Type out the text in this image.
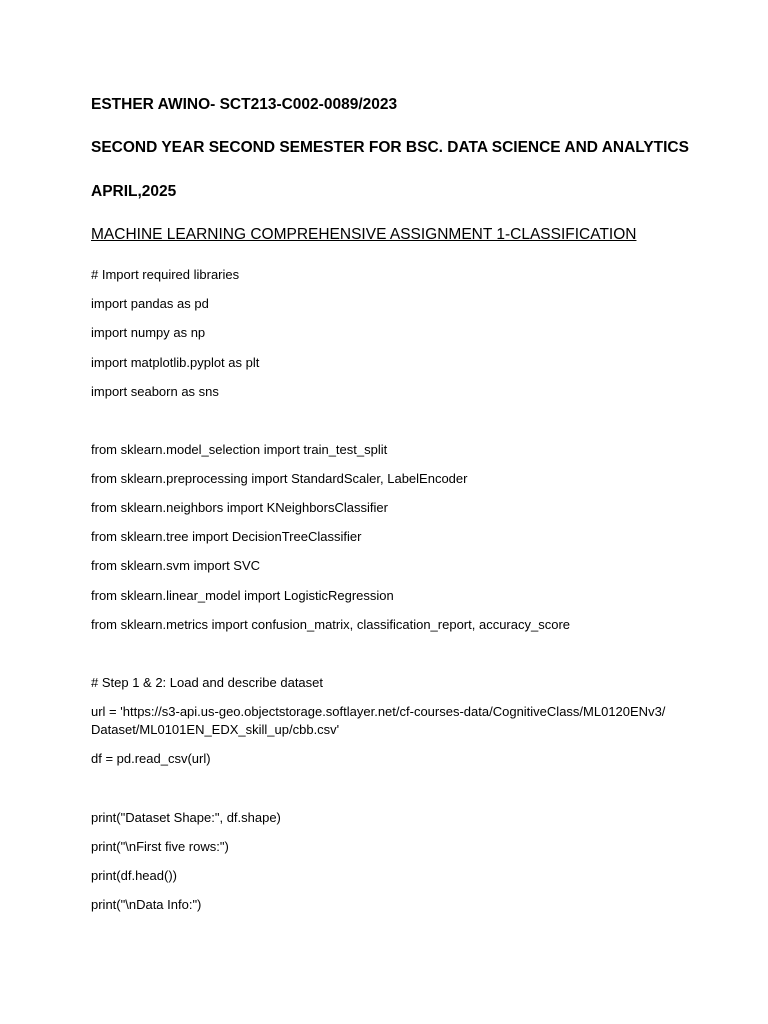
ESTHER AWINO- SCT213-C002-0089/2023
SECOND YEAR SECOND SEMESTER FOR BSC. DATA SCIENCE AND ANALYTICS
APRIL,2025
MACHINE LEARNING COMPREHENSIVE ASSIGNMENT 1-CLASSIFICATION
# Import required libraries
import pandas as pd
import numpy as np
import matplotlib.pyplot as plt
import seaborn as sns
from sklearn.model_selection import train_test_split
from sklearn.preprocessing import StandardScaler, LabelEncoder
from sklearn.neighbors import KNeighborsClassifier
from sklearn.tree import DecisionTreeClassifier
from sklearn.svm import SVC
from sklearn.linear_model import LogisticRegression
from sklearn.metrics import confusion_matrix, classification_report, accuracy_score
# Step 1 & 2: Load and describe dataset
url = 'https://s3-api.us-geo.objectstorage.softlayer.net/cf-courses-data/CognitiveClass/ML0120ENv3/
Dataset/ML0101EN_EDX_skill_up/cbb.csv'
df = pd.read_csv(url)
print("Dataset Shape:", df.shape)
print("\nFirst five rows:")
print(df.head())
print("\nData Info:")
